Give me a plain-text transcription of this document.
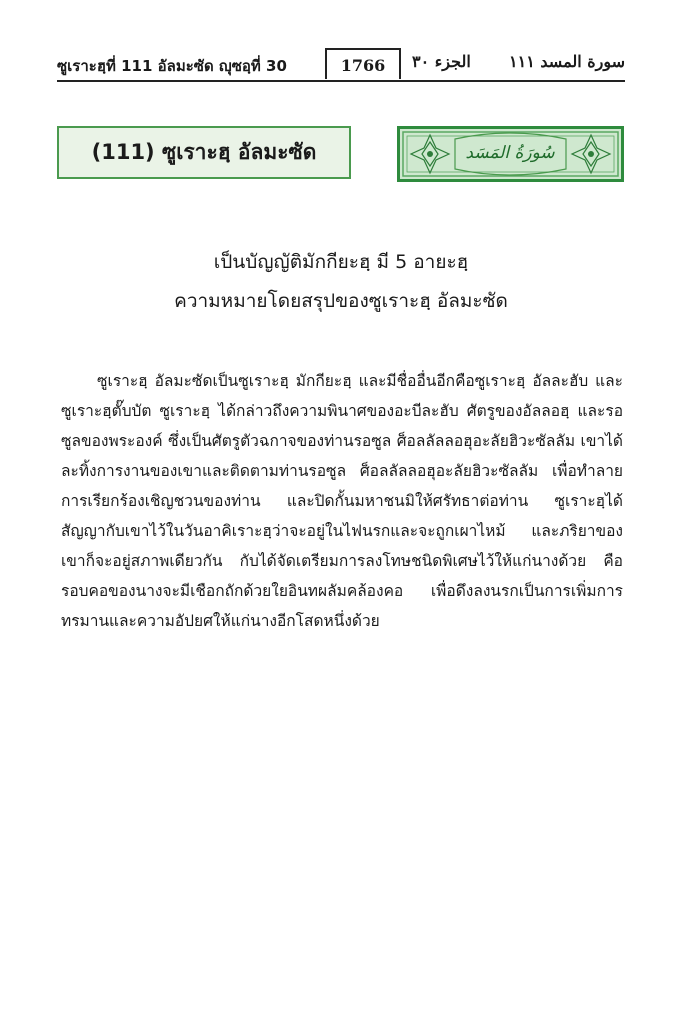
ซูเราะฮฺที่ 111 อัลมะซัด ญุซอฺที่ 30	1766	الجزء ٣٠ سورة المسد ١١١
(111) ซูเราะฮฺ อัลมะซัด	سُورَةُ المَسَد
เป็นบัญญัติมักกียะฮฺ มี 5 อายะฮฺ
ความหมายโดยสรุปของซูเราะฮฺ อัลมะซัด

ซูเราะฮฺ อัลมะซัดเป็นซูเราะฮฺ มักกียะฮฺ และมีชื่ออื่นอีกคือซูเราะฮฺ อัลละฮับ และซูเราะฮฺตั๊บบัต ซูเราะฮฺ ได้กล่าวถึงความพินาศของอะบีละฮับ ศัตรูของอัลลอฮฺ และรอซูลของพระองค์ ซึ่งเป็นศัตรูตัวฉกาจของท่านรอซูล ศ็อลลัลลอฮุอะลัยฮิวะซัลลัม เขาได้ละทิ้งการงานของเขาและติดตามท่านรอซูล ศ็อลลัลลอฮุอะลัยฮิวะซัลลัม เพื่อทำลายการเรียกร้องเชิญชวนของท่าน และปิดกั้นมหาชนมิให้ศรัทธาต่อท่าน ซูเราะฮฺได้สัญญากับเขาไว้ในวันอาคิเราะฮฺว่าจะอยู่ในไฟนรกและจะถูกเผาไหม้ และภริยาของเขาก็จะอยู่สภาพเดียวกัน กับได้จัดเตรียมการลงโทษชนิดพิเศษไว้ให้แก่นางด้วย คือรอบคอของนางจะมีเชือกถักด้วยใยอินทผลัมคล้องคอ เพื่อดึงลงนรกเป็นการเพิ่มการทรมานและความอัปยศให้แก่นางอีกโสดหนึ่งด้วย
